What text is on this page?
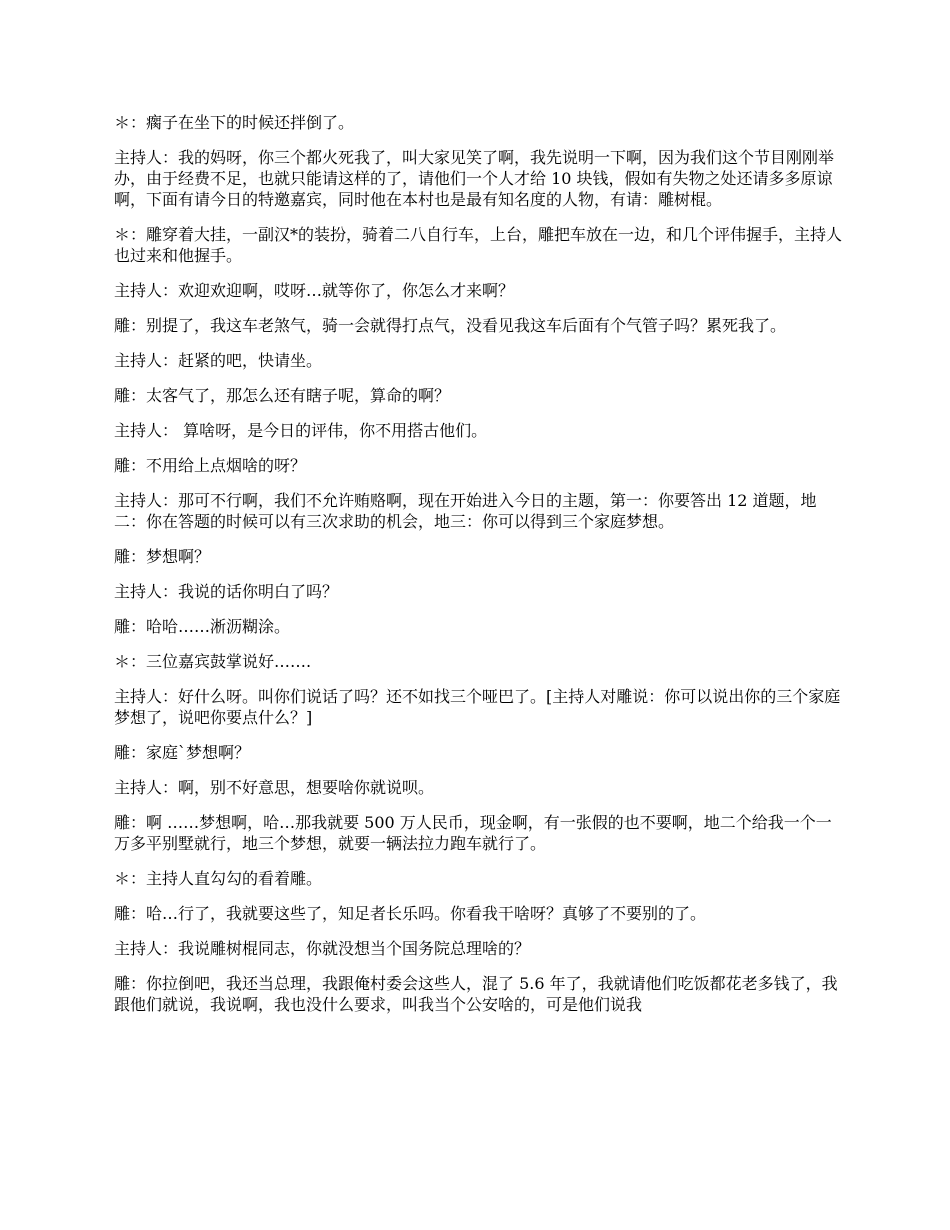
＊：瘸子在坐下的时候还拌倒了。

主持人：我的妈呀，你三个都火死我了，叫大家见笑了啊，我先说明一下啊，因为我们这个节目刚刚举办，由于经费不足，也就只能请这样的了，请他们一个人才给 10 块钱，假如有失物之处还请多多原谅啊，下面有请今日的特邀嘉宾，同时他在本村也是最有知名度的人物，有请：雕树棍。

＊：雕穿着大挂，一副汉*的装扮，骑着二八自行车，上台，雕把车放在一边，和几个评伟握手，主持人也过来和他握手。

主持人：欢迎欢迎啊，哎呀…就等你了，你怎么才来啊？

雕：别提了，我这车老煞气，骑一会就得打点气，没看见我这车后面有个气管子吗？累死我了。

主持人：赶紧的吧，快请坐。

雕：太客气了，那怎么还有瞎子呢，算命的啊？

主持人： 算啥呀，是今日的评伟，你不用搭古他们。

雕：不用给上点烟啥的呀？

主持人：那可不行啊，我们不允许贿赂啊，现在开始进入今日的主题，第一：你要答出 12 道题，地二：你在答题的时候可以有三次求助的机会，地三：你可以得到三个家庭梦想。

雕：梦想啊？

主持人：我说的话你明白了吗？

雕：哈哈……淅沥糊涂。

＊：三位嘉宾鼓掌说好…….

主持人：好什么呀。叫你们说话了吗？还不如找三个哑巴了。[主持人对雕说：你可以说出你的三个家庭梦想了，说吧你要点什么？]

雕：家庭`梦想啊？

主持人：啊，别不好意思，想要啥你就说呗。

雕：啊 ……梦想啊，哈…那我就要 500 万人民币，现金啊，有一张假的也不要啊，地二个给我一个一万多平别墅就行，地三个梦想，就要一辆法拉力跑车就行了。

＊：主持人直勾勾的看着雕。

雕：哈…行了，我就要这些了，知足者长乐吗。你看我干啥呀？真够了不要别的了。

主持人：我说雕树棍同志，你就没想当个国务院总理啥的？

雕：你拉倒吧，我还当总理，我跟俺村委会这些人，混了 5.6 年了，我就请他们吃饭都花老多钱了，我跟他们就说，我说啊，我也没什么要求，叫我当个公安啥的，可是他们说我
